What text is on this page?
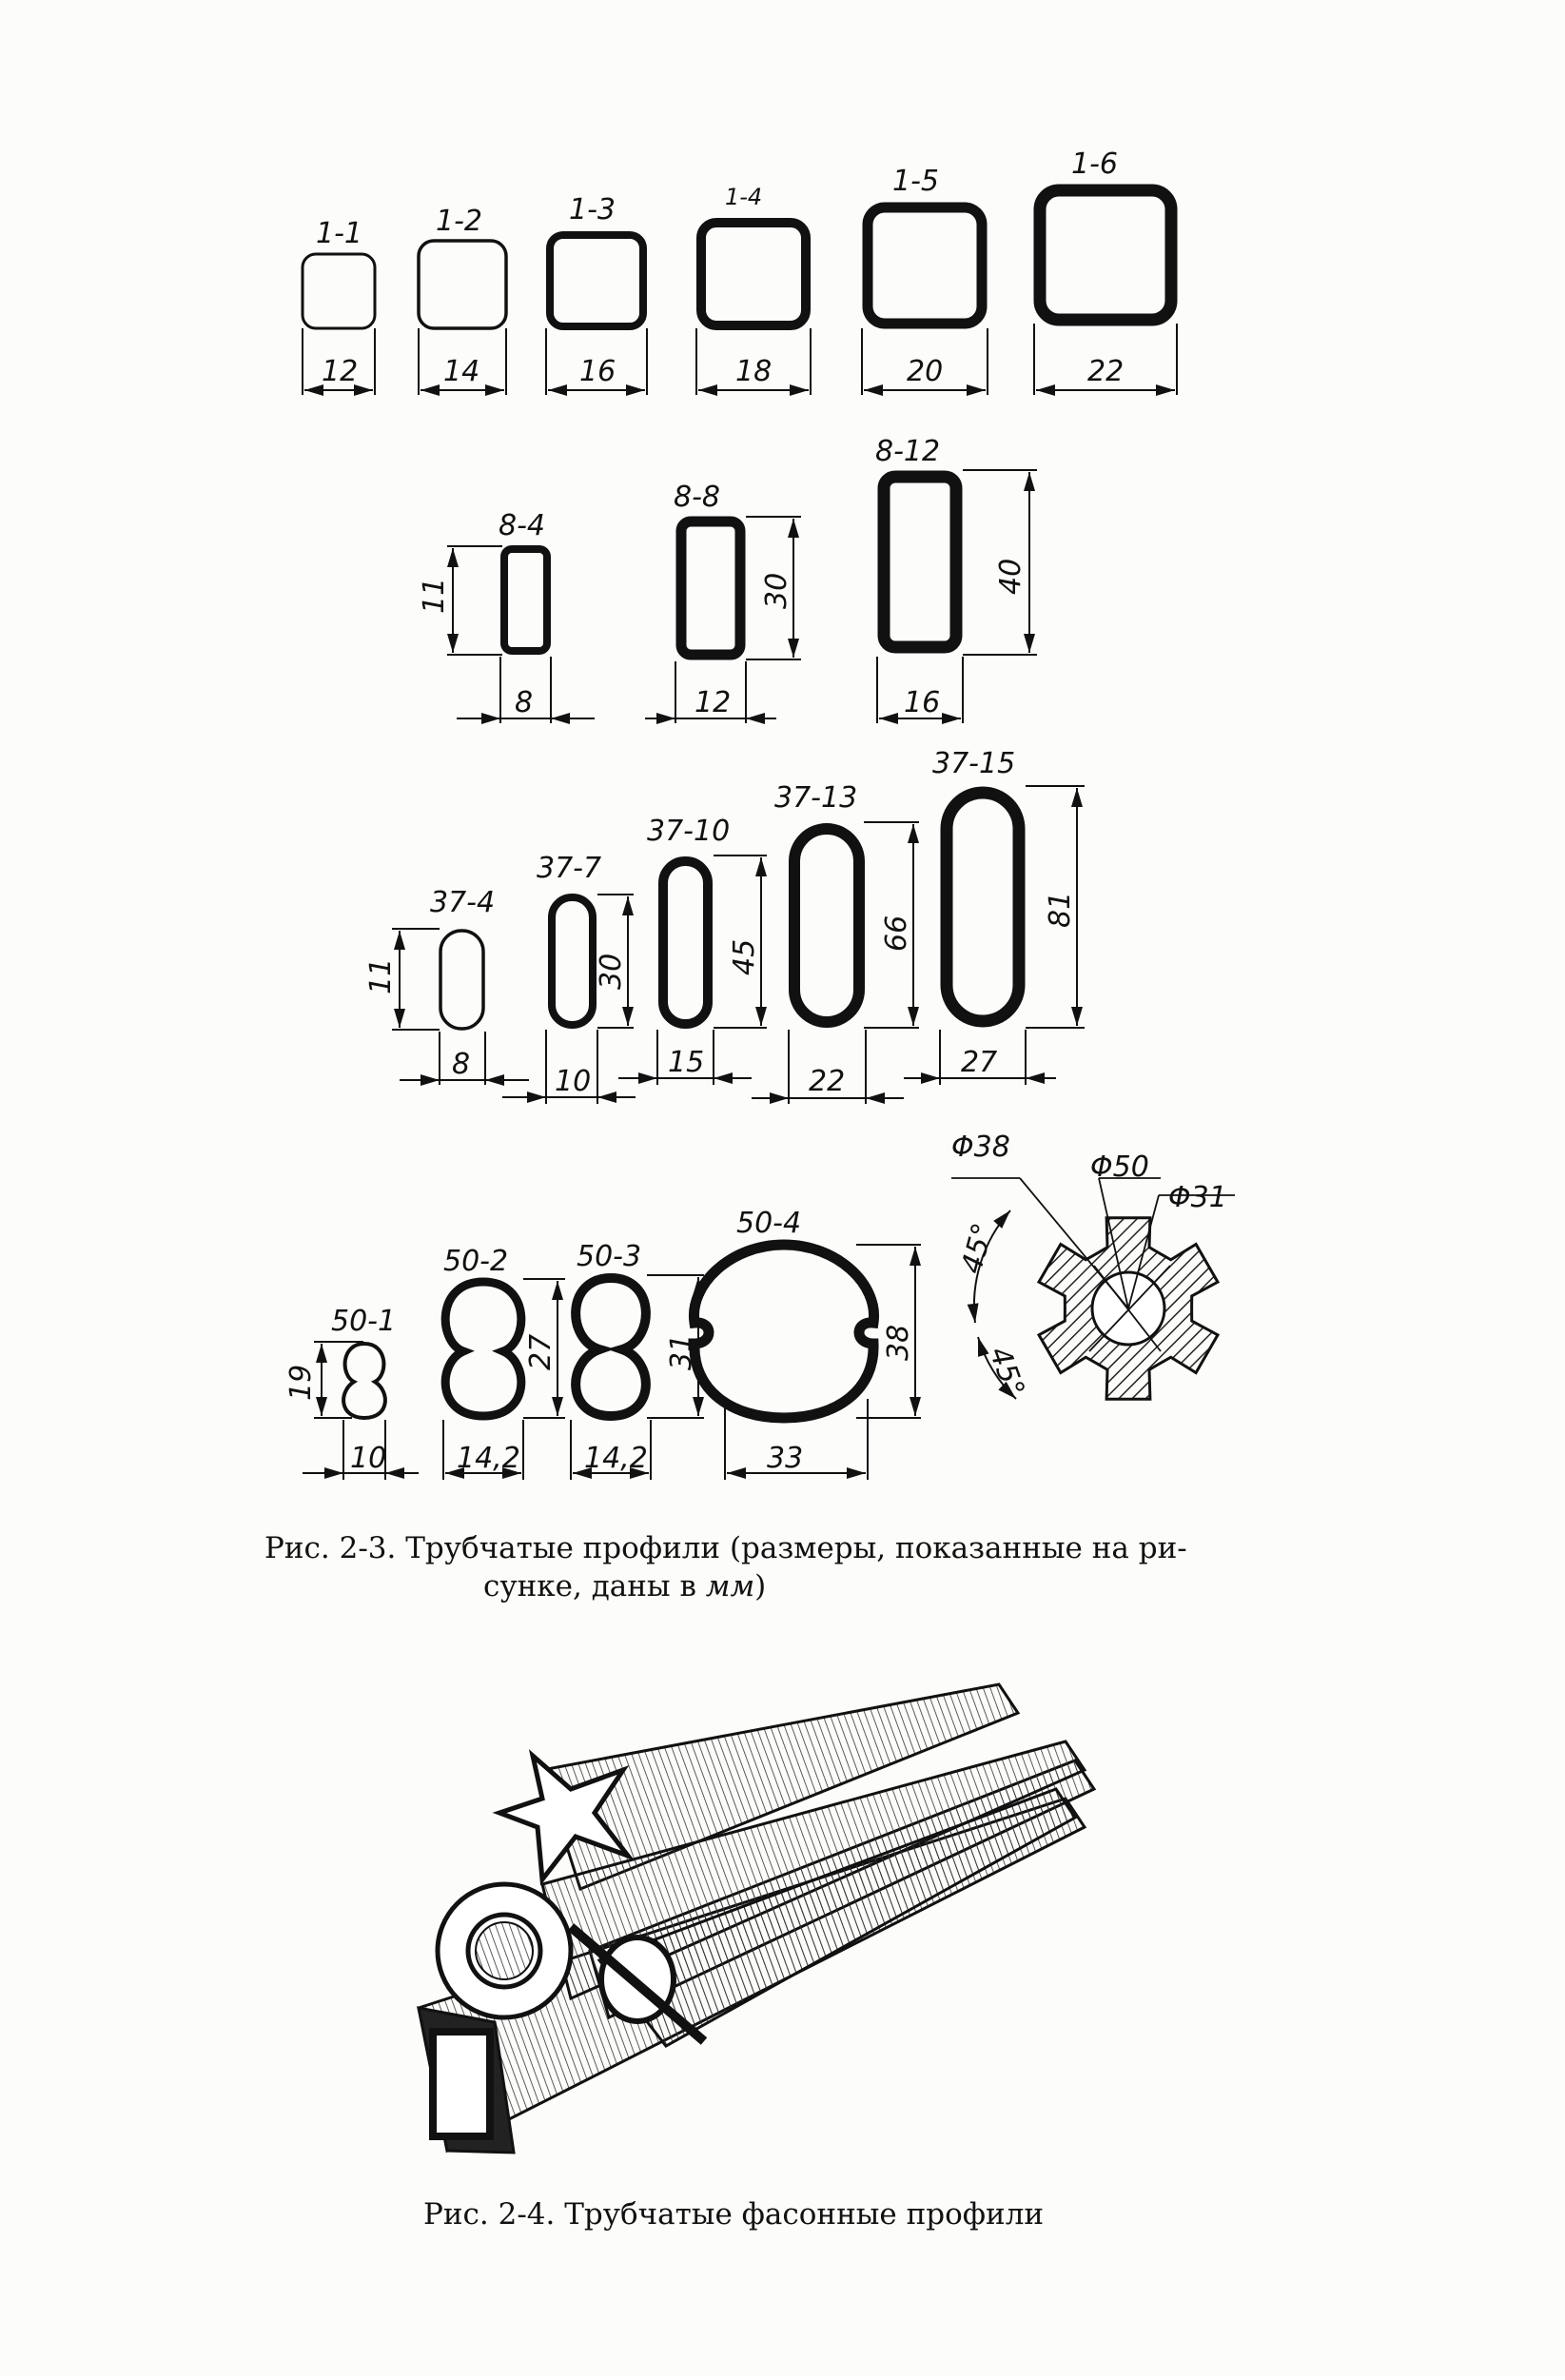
1-1	1-2	1-3	1-4	1-5
1-6
12	14	16	18	20	22
8-4
8-8
8-12
8	12	16
11	30	40
37-4
37-7
37-10
37-13
37-15
8
10
15
22
27
11	30	45
66
81
50-1
50-2 50-3
50-4
10 14,2 14,2	33
19
27	31	38
Φ38
Φ50
Φ31
45°
45°
Рис. 2-3. Трубчатые профили (размеры, показанные на ри-
сунке, даны в мм)
Рис. 2-4. Трубчатые фасонные профили
